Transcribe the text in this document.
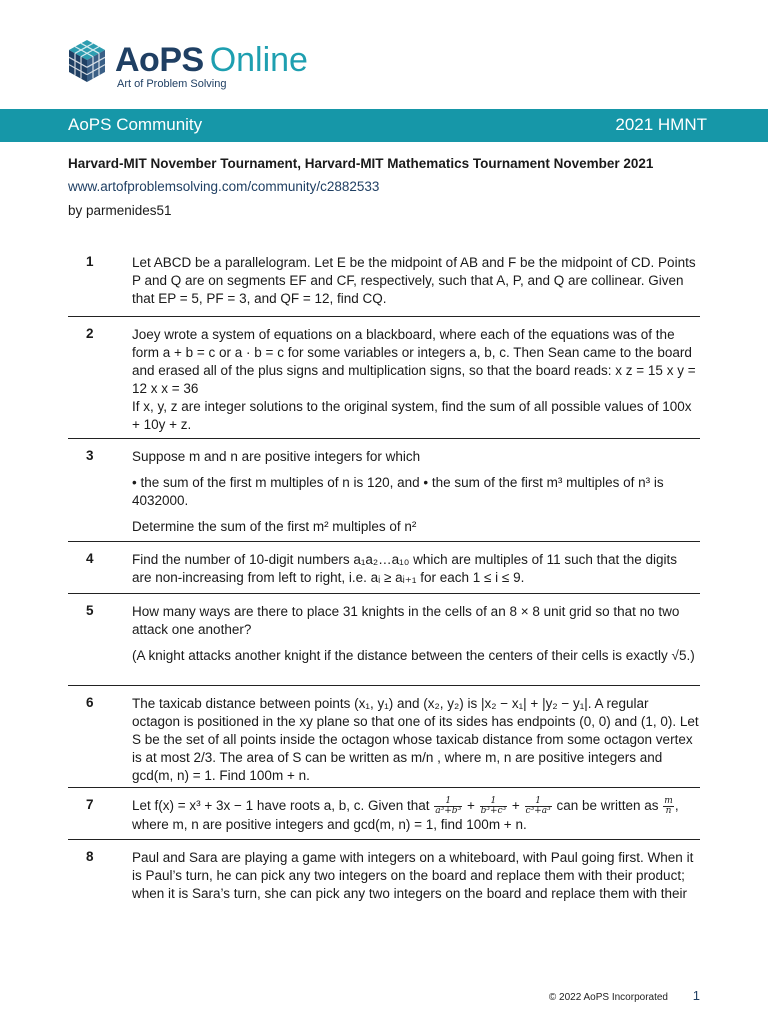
AoPS Online
Art of Problem Solving
AoPS Community	2021 HMNT
Harvard-MIT November Tournament, Harvard-MIT Mathematics Tournament November 2021
www.artofproblemsolving.com/community/c2882533
by parmenides51
1	Let ABCD be a parallelogram. Let E be the midpoint of AB and F be the midpoint of CD. Points P and Q are on segments EF and CF, respectively, such that A, P, and Q are collinear. Given that EP = 5, PF = 3, and QF = 12, find CQ.

2	Joey wrote a system of equations on a blackboard, where each of the equations was of the form a + b = c or a · b = c for some variables or integers a, b, c. Then Sean came to the board and erased all of the plus signs and multiplication signs, so that the board reads: x z = 15 x y = 12 x x = 36

If x, y, z are integer solutions to the original system, find the sum of all possible values of 100x + 10y + z.

3	Suppose m and n are positive integers for which

• the sum of the first m multiples of n is 120, and • the sum of the first m³ multiples of n³ is 4032000.

Determine the sum of the first m² multiples of n²

4	Find the number of 10-digit numbers a₁a₂…a₁₀ which are multiples of 11 such that the digits are non-increasing from left to right, i.e. aᵢ ≥ aᵢ₊₁ for each 1 ≤ i ≤ 9.

5	How many ways are there to place 31 knights in the cells of an 8 × 8 unit grid so that no two attack one another?

(A knight attacks another knight if the distance between the centers of their cells is exactly √5.)

6	The taxicab distance between points (x₁, y₁) and (x₂, y₂) is |x₂ − x₁| + |y₂ − y₁|. A regular octagon is positioned in the xy plane so that one of its sides has endpoints (0, 0) and (1, 0). Let S be the set of all points inside the octagon whose taxicab distance from some octagon vertex is at most 2/3. The area of S can be written as m/n , where m, n are positive integers and gcd(m, n) = 1. Find 100m + n.

7	Let f(x) = x³ + 3x − 1 have roots a, b, c. Given that $\frac{1}{\text{a³+b³}} + \frac{1}{\text{b³+c³}} + \frac{1}{\text{c³+a³}}$ can be written as $\frac{m}{n}$ , where m, n are positive integers and gcd(m, n) = 1, find 100m + n.

8	Paul and Sara are playing a game with integers on a whiteboard, with Paul going first. When it is Paul’s turn, he can pick any two integers on the board and replace them with their product; when it is Sara’s turn, she can pick any two integers on the board and replace them with their

© 2022 AoPS Incorporated 1
